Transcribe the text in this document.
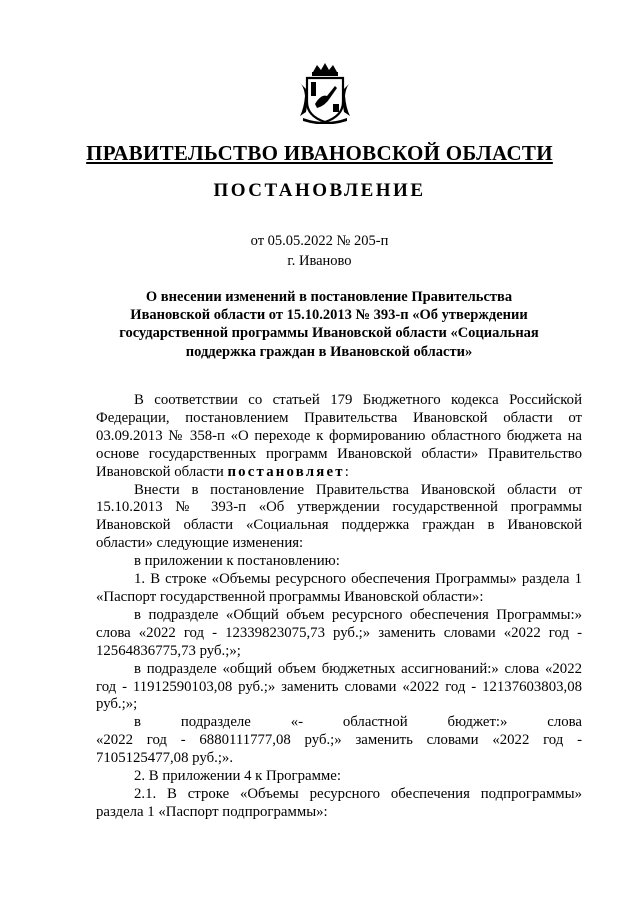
ПРАВИТЕЛЬСТВО ИВАНОВСКОЙ ОБЛАСТИ
ПОСТАНОВЛЕНИЕ
от 05.05.2022 № 205-п
г. Иваново
О внесении изменений в постановление Правительства
Ивановской области от 15.10.2013 № 393-п «Об утверждении
государственной программы Ивановской области «Социальная
поддержка граждан в Ивановской области»

В соответствии со статьей 179 Бюджетного кодекса Российской Федерации, постановлением Правительства Ивановской области от 03.09.2013 № 358-п «О переходе к формированию областного бюджета на основе государственных программ Ивановской области» Правительство Ивановской области постановляет:

Внести в постановление Правительства Ивановской области от 15.10.2013 № 393-п «Об утверждении государственной программы Ивановской области «Социальная поддержка граждан в Ивановской области» следующие изменения:

в приложении к постановлению:

1. В строке «Объемы ресурсного обеспечения Программы» раздела 1 «Паспорт государственной программы Ивановской области»:

в подразделе «Общий объем ресурсного обеспечения Программы:» слова «2022 год - 12339823075,73 руб.;» заменить словами «2022 год - 12564836775,73 руб.;»;

в подразделе «общий объем бюджетных ассигнований:» слова «2022 год - 11912590103,08 руб.;» заменить словами «2022 год - 12137603803,08 руб.;»;

в подразделе «- областной бюджет:» слова

«2022 год - 6880111777,08 руб.;» заменить словами «2022 год - 7105125477,08 руб.;».

2. В приложении 4 к Программе:

2.1. В строке «Объемы ресурсного обеспечения подпрограммы» раздела 1 «Паспорт подпрограммы»:
